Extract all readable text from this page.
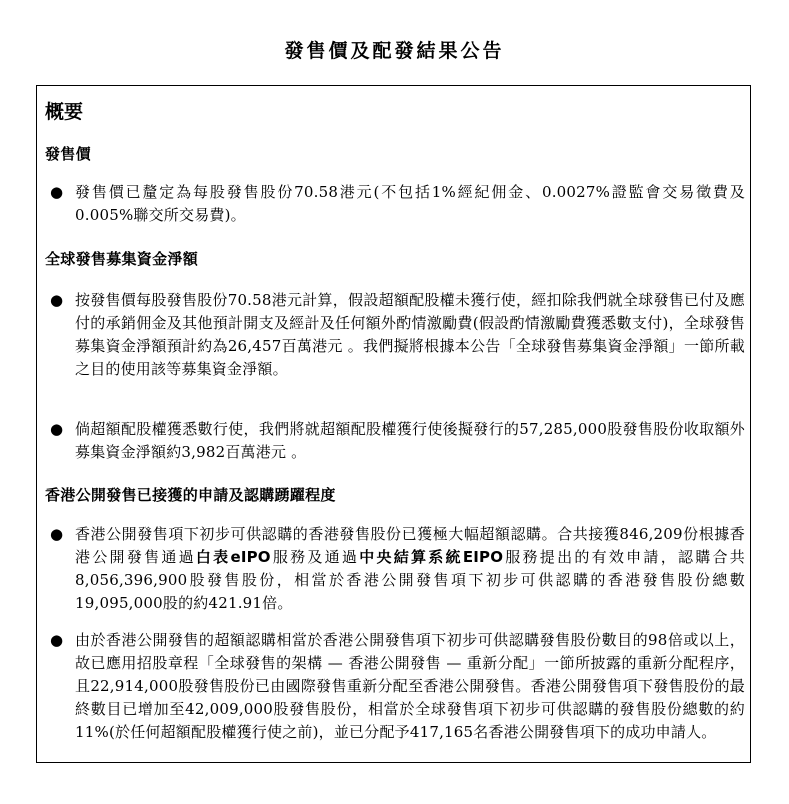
發售價及配發結果公告
概要
發售價
● 發售價已釐定為每股發售股份70.58港元(不包括1%經紀佣金、0.0027%證監會交易徵費及0.005%聯交所交易費)。

全球發售募集資金淨額
● 按發售價每股發售股份70.58港元計算，假設超額配股權未獲行使，經扣除我們就全球發售已付及應付的承銷佣金及其他預計開支及經計及任何額外酌情激勵費(假設酌情激勵費獲悉數支付)，全球發售募集資金淨額預計約為26,457百萬港元 。我們擬將根據本公告「全球發售募集資金淨額」一節所載之目的使用該等募集資金淨額。

● 倘超額配股權獲悉數行使，我們將就超額配股權獲行使後擬發行的57,285,000股發售股份收取額外募集資金淨額約3,982百萬港元 。

香港公開發售已接獲的申請及認購踴躍程度
● 香港公開發售項下初步可供認購的香港發售股份已獲極大幅超額認購。合共接獲846,209份根據香港公開發售通過白表eIPO服務及通過中央結算系統EIPO服務提出的有效申請，認購合共8,056,396,900股發售股份，相當於香港公開發售項下初步可供認購的香港發售股份總數19,095,000股的約421.91倍。

● 由於香港公開發售的超額認購相當於香港公開發售項下初步可供認購發售股份數目的98倍或以上，故已應用招股章程「全球發售的架構 — 香港公開發售 — 重新分配」一節所披露的重新分配程序，且22,914,000股發售股份已由國際發售重新分配至香港公開發售。香港公開發售項下發售股份的最終數目已增加至42,009,000股發售股份，相當於全球發售項下初步可供認購的發售股份總數的約11%(於任何超額配股權獲行使之前)，並已分配予417,165名香港公開發售項下的成功申請人。
